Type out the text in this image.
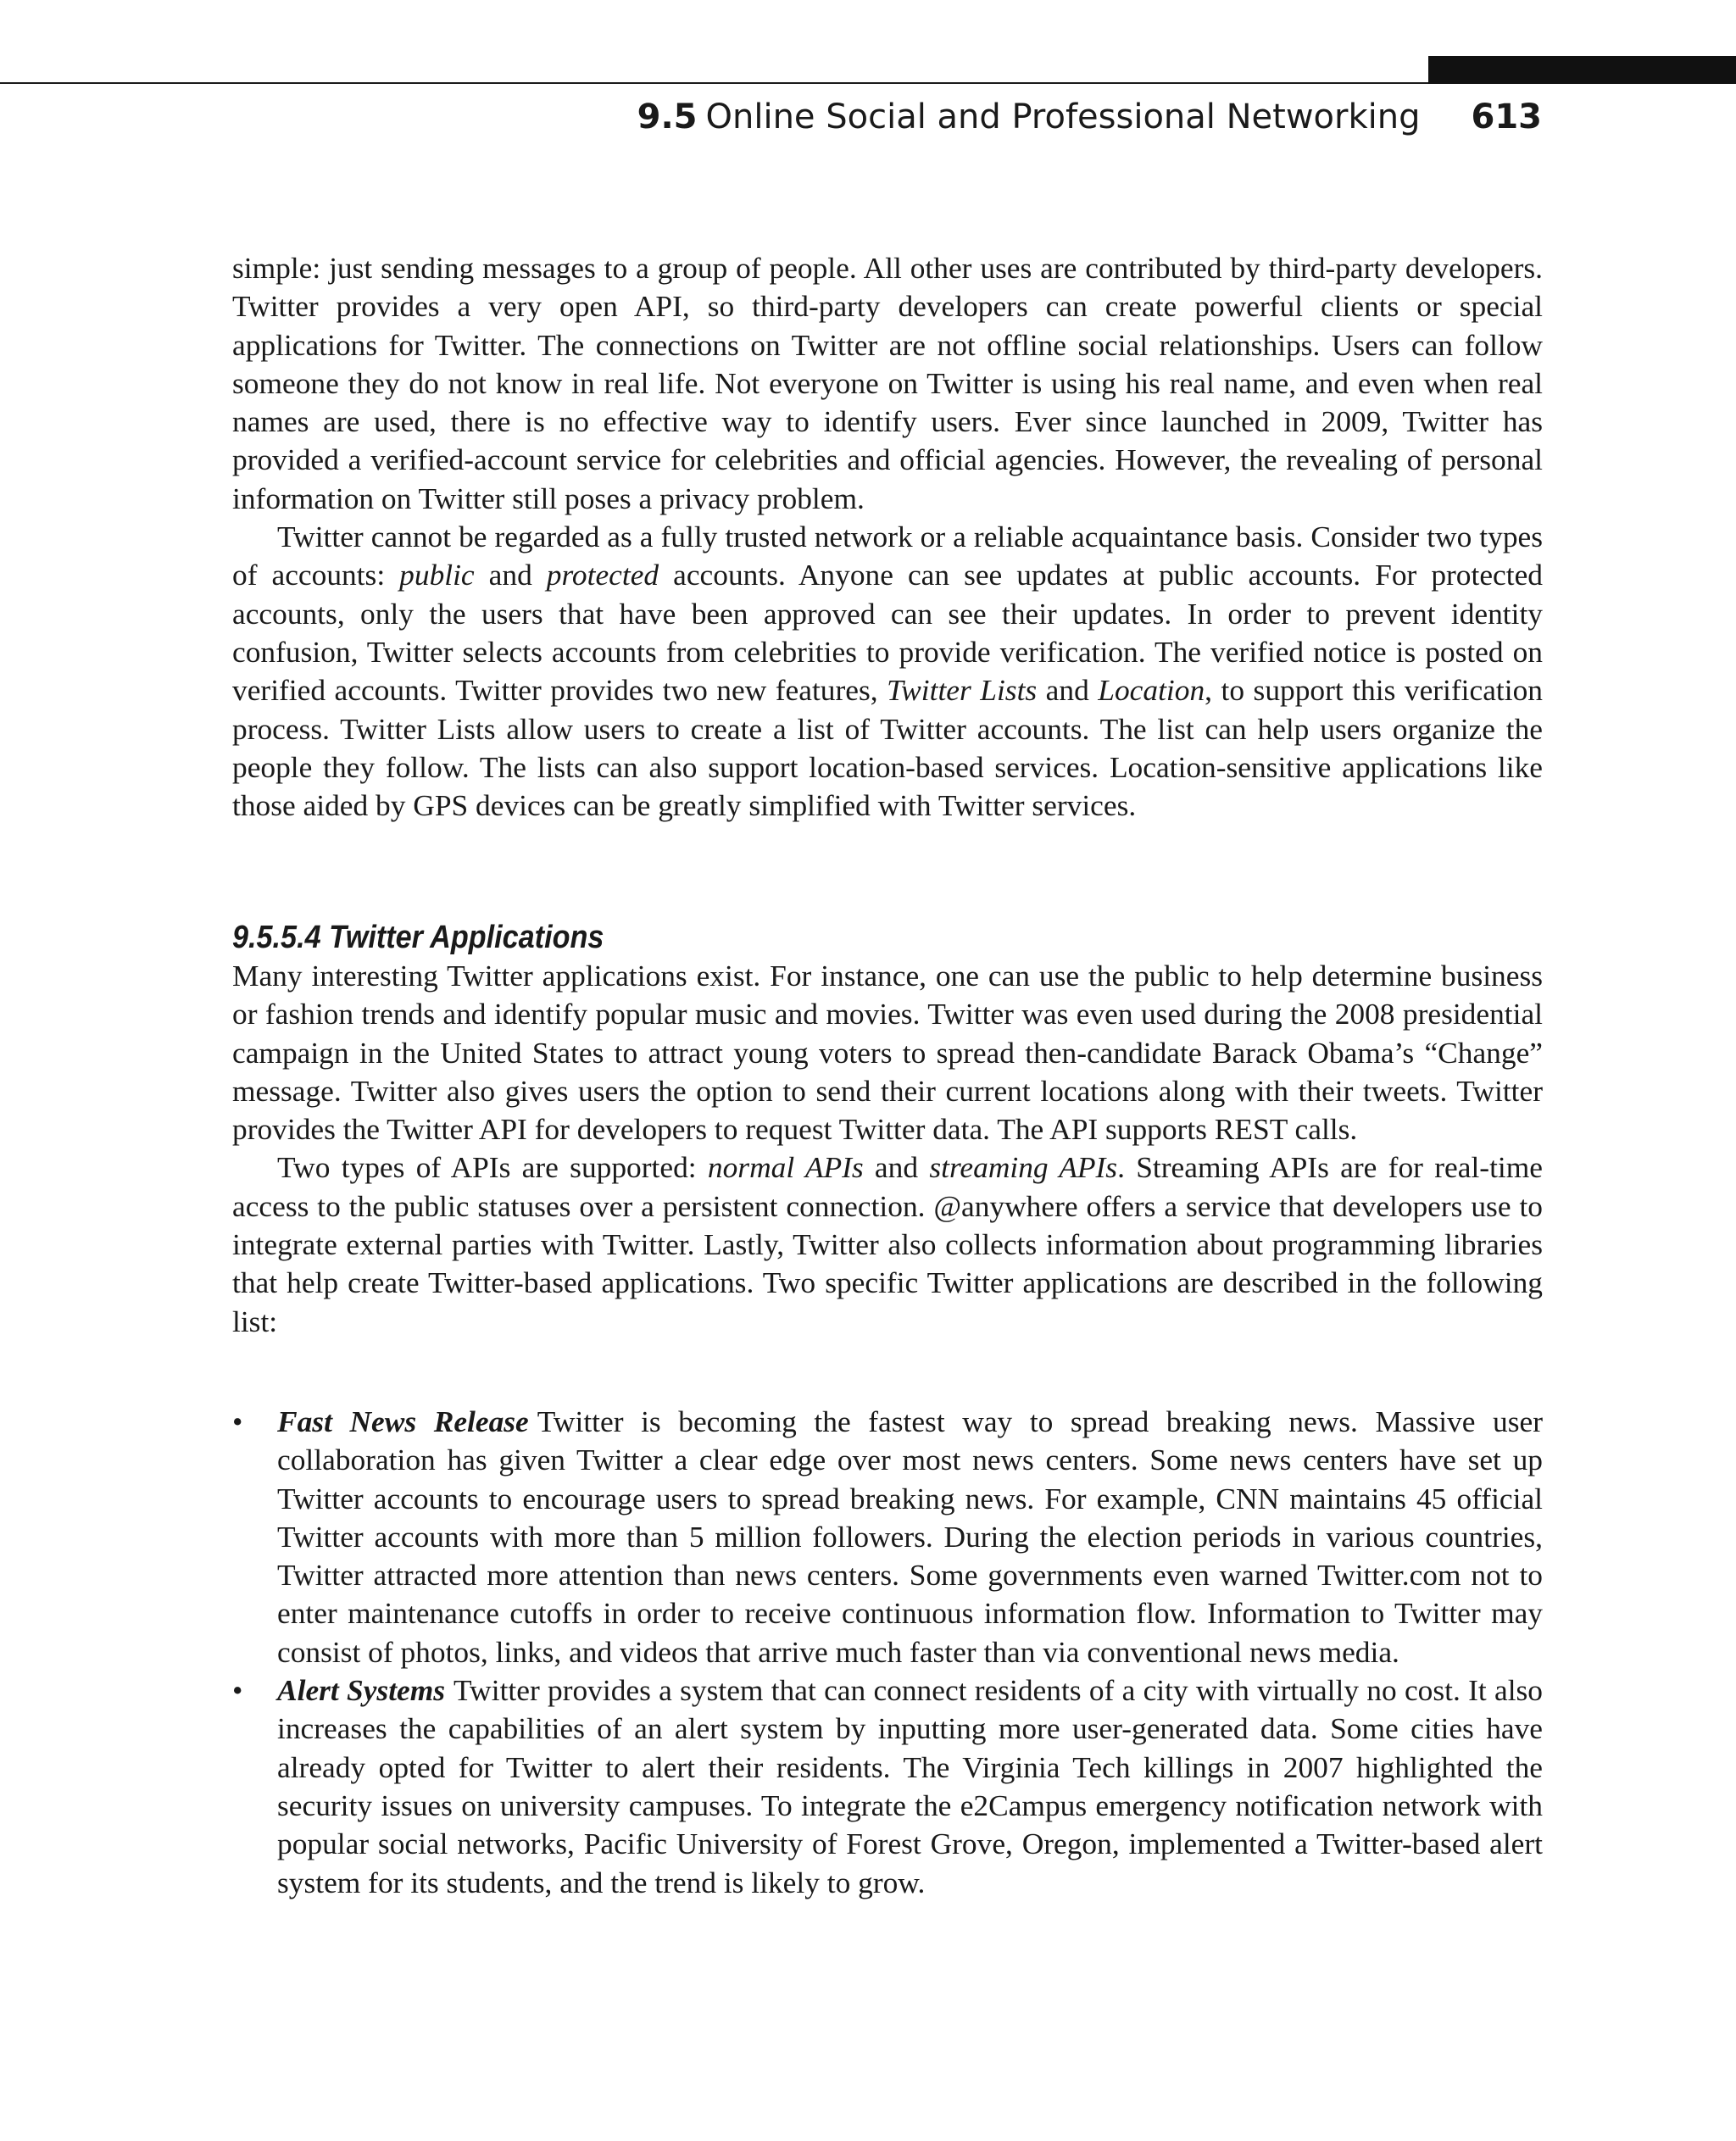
9.5 Online Social and Professional Networking 613

simple: just sending messages to a group of people. All other uses are contributed by third-party developers. Twitter provides a very open API, so third-party developers can create powerful clients or special applications for Twitter. The connections on Twitter are not offline social relationships. Users can follow someone they do not know in real life. Not everyone on Twitter is using his real name, and even when real names are used, there is no effective way to identify users. Ever since launched in 2009, Twitter has provided a verified-account service for celebrities and official agencies. However, the revealing of personal information on Twitter still poses a privacy problem.

Twitter cannot be regarded as a fully trusted network or a reliable acquaintance basis. Consider two types of accounts: public and protected accounts. Anyone can see updates at public accounts. For protected accounts, only the users that have been approved can see their updates. In order to prevent identity confusion, Twitter selects accounts from celebrities to provide verification. The verified notice is posted on verified accounts. Twitter provides two new features, Twitter Lists and Location, to support this verification process. Twitter Lists allow users to create a list of Twitter accounts. The list can help users organize the people they follow. The lists can also support location-based services. Location-sensitive applications like those aided by GPS devices can be greatly simplified with Twitter services.

9.5.5.4 Twitter Applications

Many interesting Twitter applications exist. For instance, one can use the public to help determine business or fashion trends and identify popular music and movies. Twitter was even used during the 2008 presidential campaign in the United States to attract young voters to spread then-candidate Barack Obama’s “Change” message. Twitter also gives users the option to send their current locations along with their tweets. Twitter provides the Twitter API for developers to request Twitter data. The API supports REST calls.

Two types of APIs are supported: normal APIs and streaming APIs. Streaming APIs are for real-time access to the public statuses over a persistent connection. @anywhere offers a service that developers use to integrate external parties with Twitter. Lastly, Twitter also collects information about programming libraries that help create Twitter-based applications. Two specific Twitter applications are described in the following list:

• Fast News Release Twitter is becoming the fastest way to spread breaking news. Massive user collaboration has given Twitter a clear edge over most news centers. Some news centers have set up Twitter accounts to encourage users to spread breaking news. For example, CNN maintains 45 official Twitter accounts with more than 5 million followers. During the election periods in various countries, Twitter attracted more attention than news centers. Some governments even warned Twitter.com not to enter maintenance cutoffs in order to receive continuous information flow. Information to Twitter may consist of photos, links, and videos that arrive much faster than via conventional news media.
• Alert Systems Twitter provides a system that can connect residents of a city with virtually no cost. It also increases the capabilities of an alert system by inputting more user-generated data. Some cities have already opted for Twitter to alert their residents. The Virginia Tech killings in 2007 highlighted the security issues on university campuses. To integrate the e2Campus emergency notification network with popular social networks, Pacific University of Forest Grove, Oregon, implemented a Twitter-based alert system for its students, and the trend is likely to grow.
